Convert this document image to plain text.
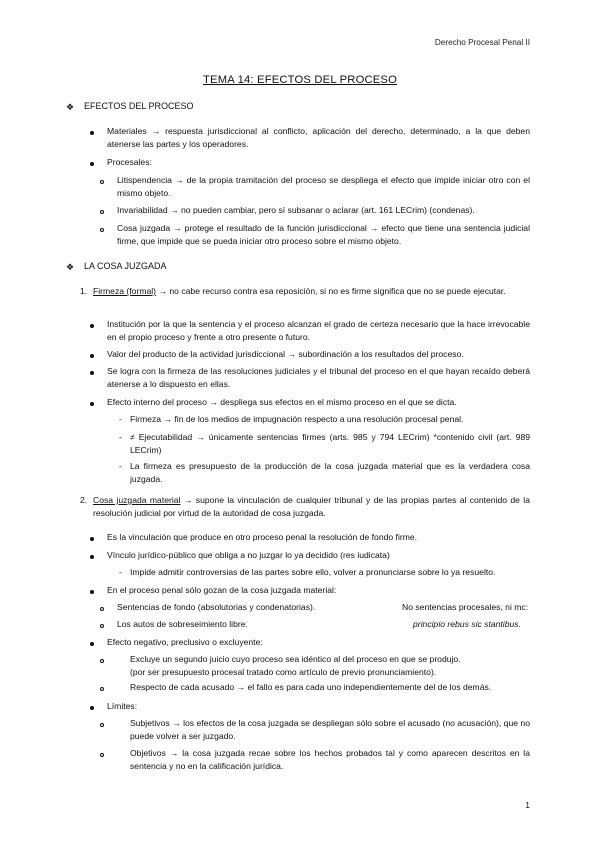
Derecho Procesal Penal II
TEMA 14: EFECTOS DEL PROCESO
❖ EFECTOS DEL PROCESO
Materiales → respuesta jurisdiccional al conflicto, aplicación del derecho, determinado, a la que deben atenerse las partes y los operadores.
Procesales:
Litispendencia → de la propia tramitación del proceso se despliega el efecto que impide iniciar otro con el mismo objeto.
Invariabilidad → no pueden cambiar, pero sí subsanar o aclarar (art. 161 LECrim) (condenas).
Cosa juzgada → protege el resultado de la función jurisdiccional → efecto que tiene una sentencia judicial firme, que impide que se pueda iniciar otro proceso sobre el mismo objeto.
❖ LA COSA JUZGADA
1. Firmeza (formal) → no cabe recurso contra esa reposición, si no es firme significa que no se puede ejecutar.
Institución por la que la sentencia y el proceso alcanzan el grado de certeza necesario que la hace irrevocable en el propio proceso y frente a otro presente o futuro.
Valor del producto de la actividad jurisdiccional → subordinación a los resultados del proceso.
Se logra con la firmeza de las resoluciones judiciales y el tribunal del proceso en el que hayan recaído deberá atenerse a lo dispuesto en ellas.
Efecto interno del proceso → despliega sus efectos en el mismo proceso en el que se dicta.
- Firmeza → fin de los medios de impugnación respecto a una resolución procesal penal.
- ≠ Ejecutabilidad → únicamente sentencias firmes (arts. 985 y 794 LECrim) *contenido civil (art. 989 LECrim)
- La firmeza es presupuesto de la producción de la cosa juzgada material que es la verdadera cosa juzgada.
2. Cosa juzgada material → supone la vinculación de cualquier tribunal y de las propias partes al contenido de la resolución judicial por virtud de la autoridad de cosa juzgada.
Es la vinculación que produce en otro proceso penal la resolución de fondo firme.
Vínculo jurídico-público que obliga a no juzgar lo ya decidido (res iudicata)
- Impide admitir controversias de las partes sobre ello, volver a pronunciarse sobre lo ya resuelto.
En el proceso penal sólo gozan de la cosa juzgada material:
Sentencias de fondo (absolutorias y condenatorias).	No sentencias procesales, ni mc:
Los autos de sobreseimiento libre.	principio rebus sic stantibus.
Efecto negativo, preclusivo o excluyente:
Excluye un segundo juicio cuyo proceso sea idéntico al del proceso en que se produjo.
(por ser presupuesto procesal tratado como artículo de previo pronunciamiento).
Respecto de cada acusado → el fallo es para cada uno independientemente del de los demás.
Límites:
Subjetivos → los efectos de la cosa juzgada se despliegan sólo sobre el acusado (no acusación), que no puede volver a ser juzgado.
Objetivos → la cosa juzgada recae sobre los hechos probados tal y como aparecen descritos en la sentencia y no en la calificación jurídica.
1
